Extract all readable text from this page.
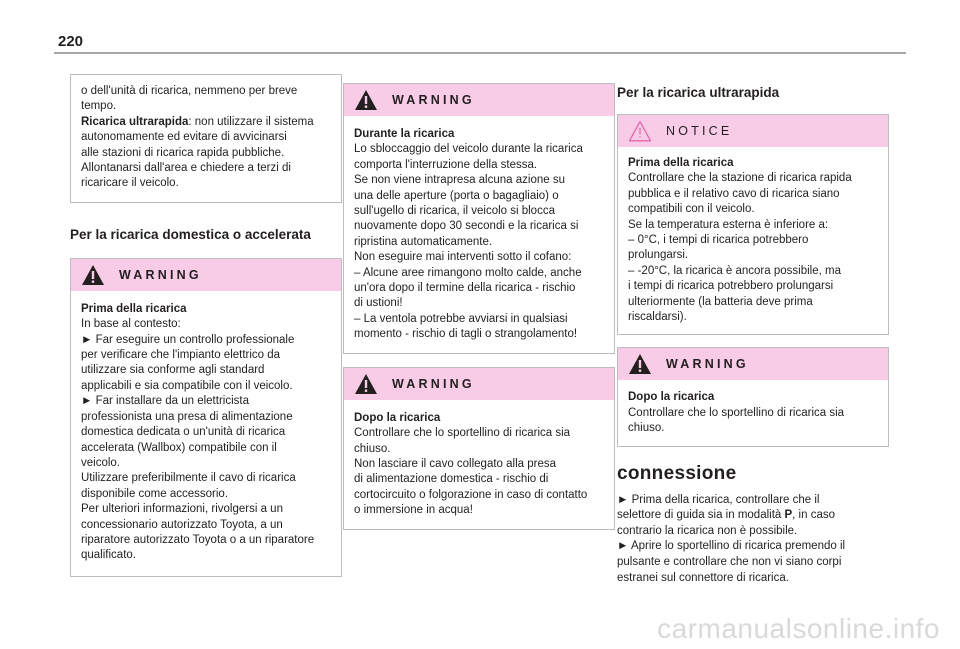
220
o dell'unità di ricarica, nemmeno per breve
tempo.
Ricarica ultrarapida: non utilizzare il sistema
autonomamente ed evitare di avvicinarsi
alle stazioni di ricarica rapida pubbliche.
Allontanarsi dall'area e chiedere a terzi di
ricaricare il veicolo.
Per la ricarica domestica o accelerata
WARNING
Prima della ricarica
In base al contesto:
► Far eseguire un controllo professionale
per verificare che l'impianto elettrico da
utilizzare sia conforme agli standard
applicabili e sia compatibile con il veicolo.
► Far installare da un elettricista
professionista una presa di alimentazione
domestica dedicata o un'unità di ricarica
accelerata (Wallbox) compatibile con il
veicolo.
Utilizzare preferibilmente il cavo di ricarica
disponibile come accessorio.
Per ulteriori informazioni, rivolgersi a un
concessionario autorizzato Toyota, a un
riparatore autorizzato Toyota o a un riparatore
qualificato.
WARNING
Durante la ricarica
Lo sbloccaggio del veicolo durante la ricarica
comporta l'interruzione della stessa.
Se non viene intrapresa alcuna azione su
una delle aperture (porta o bagagliaio) o
sull'ugello di ricarica, il veicolo si blocca
nuovamente dopo 30 secondi e la ricarica si
ripristina automaticamente.
Non eseguire mai interventi sotto il cofano:
– Alcune aree rimangono molto calde, anche
un'ora dopo il termine della ricarica - rischio
di ustioni!
– La ventola potrebbe avviarsi in qualsiasi
momento - rischio di tagli o strangolamento!
WARNING
Dopo la ricarica
Controllare che lo sportellino di ricarica sia
chiuso.
Non lasciare il cavo collegato alla presa
di alimentazione domestica - rischio di
cortocircuito o folgorazione in caso di contatto
o immersione in acqua!
Per la ricarica ultrarapida
NOTICE
Prima della ricarica
Controllare che la stazione di ricarica rapida
pubblica e il relativo cavo di ricarica siano
compatibili con il veicolo.
Se la temperatura esterna è inferiore a:
– 0°C, i tempi di ricarica potrebbero
prolungarsi.
– -20°C, la ricarica è ancora possibile, ma
i tempi di ricarica potrebbero prolungarsi
ulteriormente (la batteria deve prima
riscaldarsi).
WARNING
Dopo la ricarica
Controllare che lo sportellino di ricarica sia
chiuso.
connessione
► Prima della ricarica, controllare che il
selettore di guida sia in modalità P, in caso
contrario la ricarica non è possibile.
► Aprire lo sportellino di ricarica premendo il
pulsante e controllare che non vi siano corpi
estranei sul connettore di ricarica.
carmanualsonline.info
